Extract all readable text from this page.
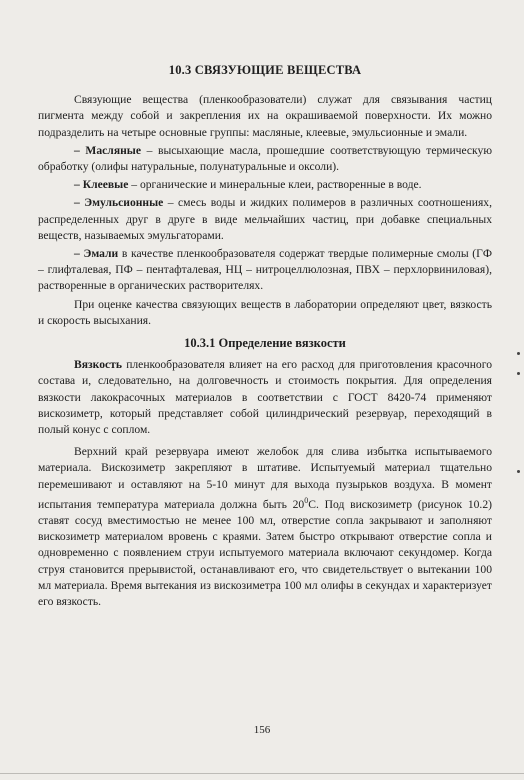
10.3 СВЯЗУЮЩИЕ ВЕЩЕСТВА

Связующие вещества (пленкообразователи) служат для связывания частиц пигмента между собой и закрепления их на окрашиваемой поверхности. Их можно подразделить на четыре основные группы: масляные, клеевые, эмульсионные и эмали.

– Масляные – высыхающие масла, прошедшие соответствующую термическую обработку (олифы натуральные, полунатуральные и оксоли).

– Клеевые – органические и минеральные клеи, растворенные в воде.

– Эмульсионные – смесь воды и жидких полимеров в различных соотношениях, распределенных друг в друге в виде мельчайших частиц, при добавке специальных веществ, называемых эмульгаторами.

– Эмали в качестве пленкообразователя содержат твердые полимерные смолы (ГФ – глифталевая, ПФ – пентафталевая, НЦ – нитроцеллюлозная, ПВХ – перхлорвиниловая), растворенные в органических растворителях.

При оценке качества связующих веществ в лаборатории определяют цвет, вязкость и скорость высыхания.

10.3.1 Определение вязкости

Вязкость пленкообразователя влияет на его расход для приготовления красочного состава и, следовательно, на долговечность и стоимость покрытия. Для определения вязкости лакокрасочных материалов в соответствии с ГОСТ 8420-74 применяют вискозиметр, который представляет собой цилиндрический резервуар, переходящий в полый конус с соплом.

Верхний край резервуара имеют желобок для слива избытка испытываемого материала. Вискозиметр закрепляют в штативе. Испытуемый материал тщательно перемешивают и оставляют на 5-10 минут для выхода пузырьков воздуха. В момент испытания температура материала должна быть $20^0С$. Под вискозиметр (рисунок 10.2) ставят сосуд вместимостью не менее 100 мл, отверстие сопла закрывают и заполняют вискозиметр материалом вровень с краями. Затем быстро открывают отверстие сопла и одновременно с появлением струи испытуемого материала включают секундомер. Когда струя становится прерывистой, останавливают его, что свидетельствует о вытекании 100 мл материала. Время вытекания из вискозиметра 100 мл олифы в секундах и характеризует его вязкость.

156
